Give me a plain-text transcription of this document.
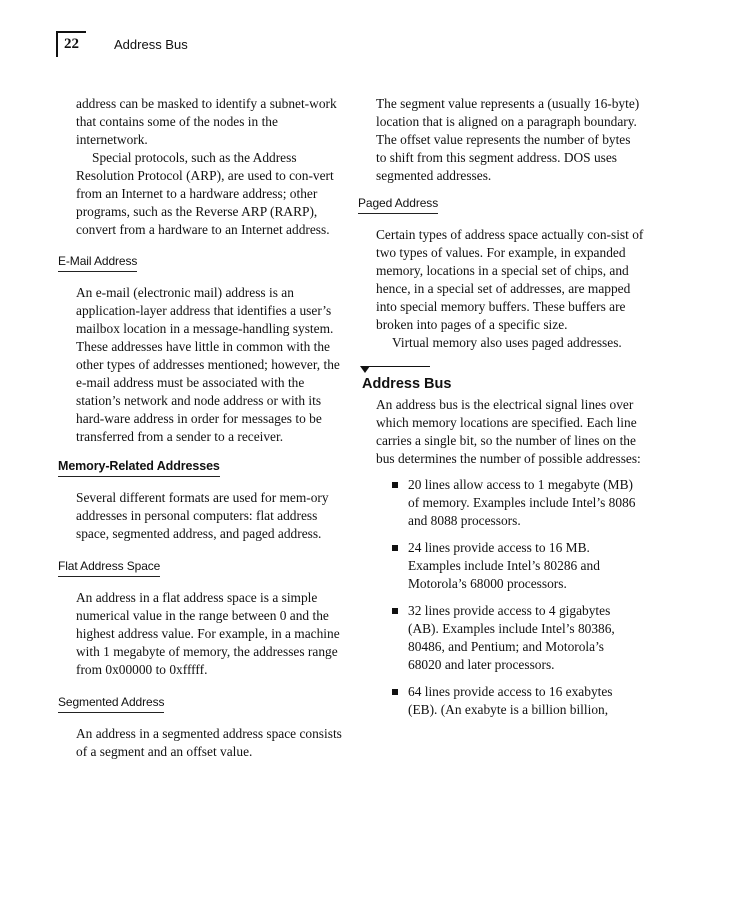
22	Address Bus

address can be masked to identify a subnet-work that contains some of the nodes in the internetwork.

Special protocols, such as the Address Resolution Protocol (ARP), are used to con-vert from an Internet to a hardware address; other programs, such as the Reverse ARP (RARP), convert from a hardware to an Internet address.

E-Mail Address

An e-mail (electronic mail) address is an application-layer address that identifies a user’s mailbox location in a message-handling system. These addresses have little in common with the other types of addresses mentioned; however, the e-mail address must be associated with the station’s network and node address or with its hard-ware address in order for messages to be transferred from a sender to a receiver.

Memory-Related Addresses

Several different formats are used for mem-ory addresses in personal computers: flat address space, segmented address, and paged address.

Flat Address Space

An address in a flat address space is a simple numerical value in the range between 0 and the highest address value. For example, in a machine with 1 megabyte of memory, the addresses range from 0x00000 to 0xfffff.

Segmented Address

An address in a segmented address space consists of a segment and an offset value.

The segment value represents a (usually 16-byte) location that is aligned on a paragraph boundary. The offset value represents the number of bytes to shift from this segment address. DOS uses segmented addresses.

Paged Address

Certain types of address space actually con-sist of two types of values. For example, in expanded memory, locations in a special set of chips, and hence, in a special set of addresses, are mapped into special memory buffers. These buffers are broken into pages of a specific size.

Virtual memory also uses paged addresses.

Address Bus

An address bus is the electrical signal lines over which memory locations are specified. Each line carries a single bit, so the number of lines on the bus determines the number of possible addresses:

20 lines allow access to 1 megabyte (MB) of memory. Examples include Intel’s 8086 and 8088 processors.
24 lines provide access to 16 MB. Examples include Intel’s 80286 and Motorola’s 68000 processors.
32 lines provide access to 4 gigabytes (AB). Examples include Intel’s 80386, 80486, and Pentium; and Motorola’s 68020 and later processors.
64 lines provide access to 16 exabytes (EB). (An exabyte is a billion billion,
